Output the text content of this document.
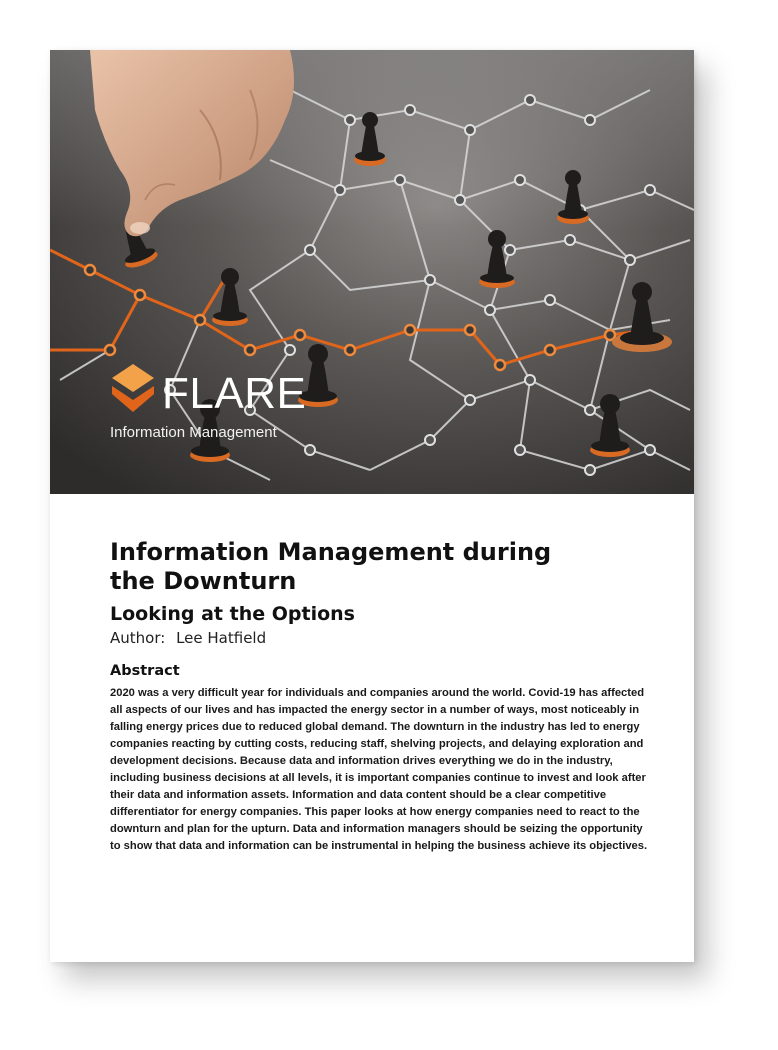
FLARE
Information Management
Information Management during
the Downturn
Looking at the Options

Author: Lee Hatfield

Abstract

2020 was a very difficult year for individuals and companies around the world. Covid-19 has affected all aspects of our lives and has impacted the energy sector in a number of ways, most noticeably in falling energy prices due to reduced global demand. The downturn in the industry has led to energy companies reacting by cutting costs, reducing staff, shelving projects, and delaying exploration and development decisions. Because data and information drives everything we do in the industry, including business decisions at all levels, it is important companies continue to invest and look after their data and information assets. Information and data content should be a clear competitive differentiator for energy companies. This paper looks at how energy companies need to react to the downturn and plan for the upturn. Data and information managers should be seizing the opportunity to show that data and information can be instrumental in helping the business achieve its objectives.
